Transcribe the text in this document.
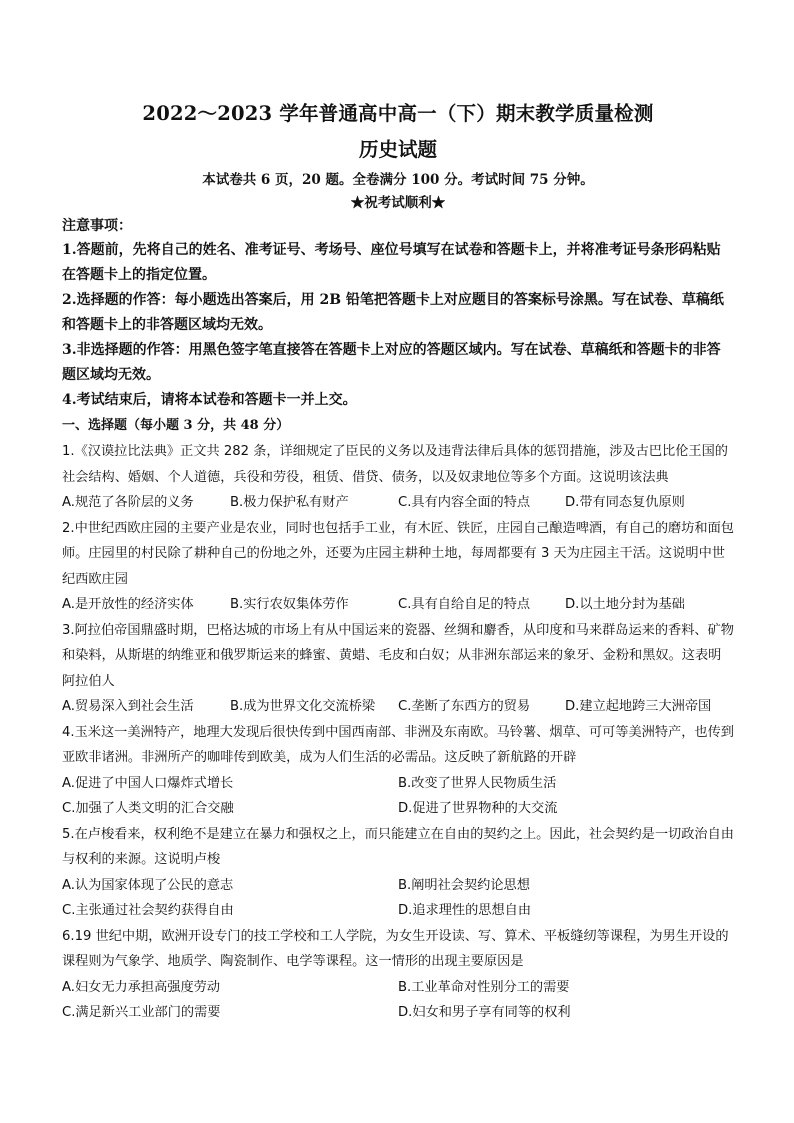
2022～2023 学年普通高中高一（下）期末教学质量检测
历史试题
本试卷共 6 页，20 题。全卷满分 100 分。考试时间 75 分钟。
★祝考试顺利★
注意事项：

1.答题前，先将自己的姓名、准考证号、考场号、座位号填写在试卷和答题卡上，并将准考证号条形码粘贴在答题卡上的指定位置。

2.选择题的作答：每小题选出答案后，用 2B 铅笔把答题卡上对应题目的答案标号涂黑。写在试卷、草稿纸和答题卡上的非答题区域均无效。

3.非选择题的作答：用黑色签字笔直接答在答题卡上对应的答题区域内。写在试卷、草稿纸和答题卡的非答题区域均无效。

4.考试结束后，请将本试卷和答题卡一并上交。

一、选择题（每小题 3 分，共 48 分）

1.《汉谟拉比法典》正文共 282 条，详细规定了臣民的义务以及违背法律后具体的惩罚措施，涉及古巴比伦王国的社会结构、婚姻、个人道德，兵役和劳役，租赁、借贷、债务，以及奴隶地位等多个方面。这说明该法典

A.规范了各阶层的义务	B.极力保护私有财产	C.具有内容全面的特点	D.带有同态复仇原则

2.中世纪西欧庄园的主要产业是农业，同时也包括手工业，有木匠、铁匠，庄园自己酿造啤酒，有自己的磨坊和面包师。庄园里的村民除了耕种自己的份地之外，还要为庄园主耕种土地，每周都要有 3 天为庄园主干活。这说明中世纪西欧庄园

A.是开放性的经济实体	B.实行农奴集体劳作	C.具有自给自足的特点	D.以土地分封为基础

3.阿拉伯帝国鼎盛时期，巴格达城的市场上有从中国运来的瓷器、丝绸和麝香，从印度和马来群岛运来的香料、矿物和染料，从斯堪的纳维亚和俄罗斯运来的蜂蜜、黄蜡、毛皮和白奴；从非洲东部运来的象牙、金粉和黑奴。这表明阿拉伯人

A.贸易深入到社会生活	B.成为世界文化交流桥梁	C.垄断了东西方的贸易	D.建立起地跨三大洲帝国

4.玉米这一美洲特产，地理大发现后很快传到中国西南部、非洲及东南欧。马铃薯、烟草、可可等美洲特产，也传到亚欧非诸洲。非洲所产的咖啡传到欧美，成为人们生活的必需品。这反映了新航路的开辟

A.促进了中国人口爆炸式增长	B.改变了世界人民物质生活
C.加强了人类文明的汇合交融	D.促进了世界物种的大交流

5.在卢梭看来，权利绝不是建立在暴力和强权之上，而只能建立在自由的契约之上。因此，社会契约是一切政治自由与权利的来源。这说明卢梭

A.认为国家体现了公民的意志	B.阐明社会契约论思想
C.主张通过社会契约获得自由	D.追求理性的思想自由

6.19 世纪中期，欧洲开设专门的技工学校和工人学院，为女生开设读、写、算术、平板缝纫等课程，为男生开设的课程则为气象学、地质学、陶瓷制作、电学等课程。这一情形的出现主要原因是

A.妇女无力承担高强度劳动	B.工业革命对性别分工的需要
C.满足新兴工业部门的需要	D.妇女和男子享有同等的权利
